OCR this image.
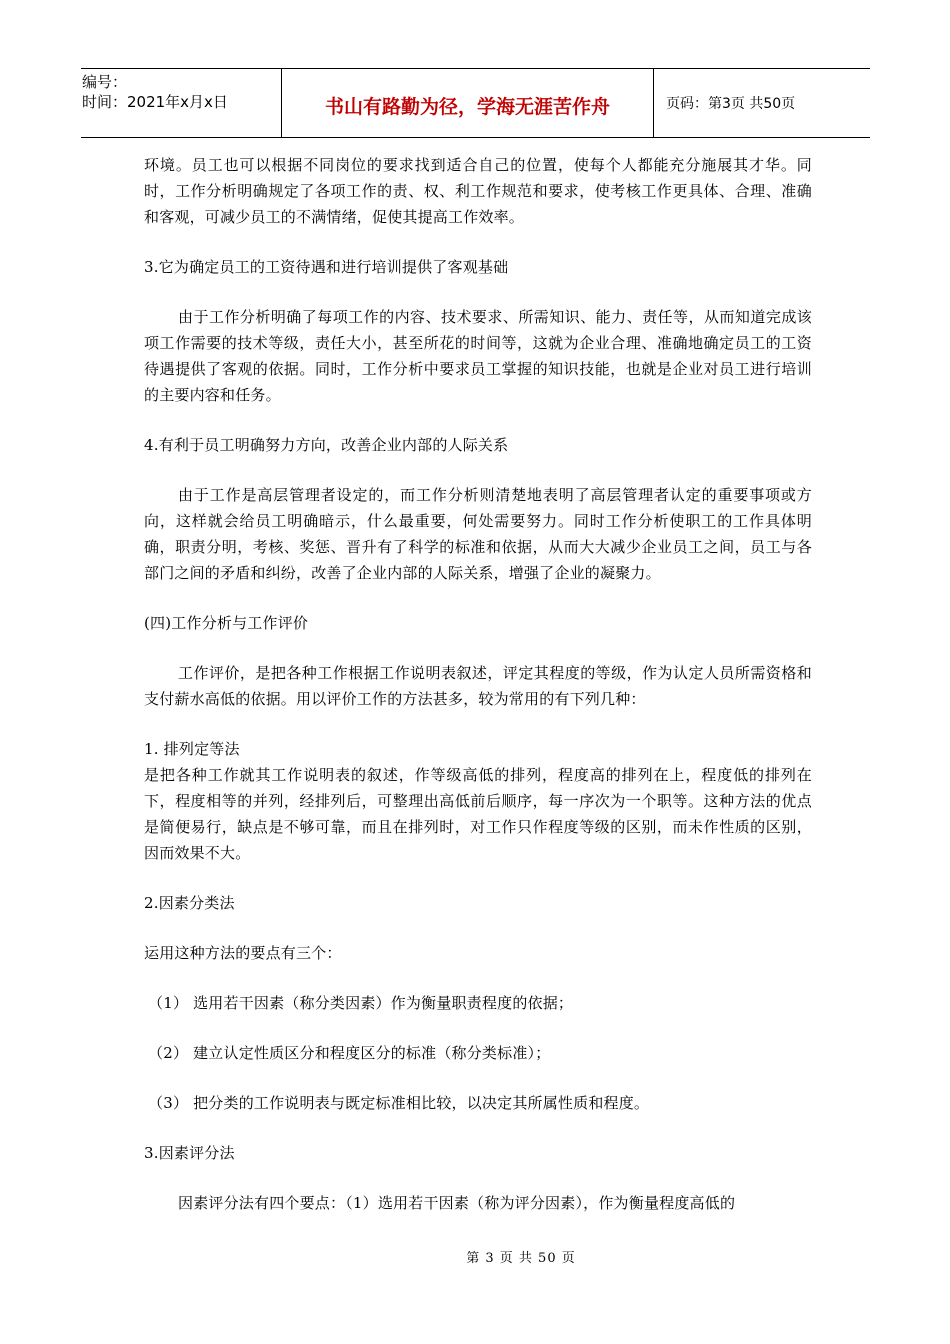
编号：
时间：2021年x月x日	书山有路勤为径，学海无涯苦作舟	页码：第3页 共50页

环境。员工也可以根据不同岗位的要求找到适合自己的位置，使每个人都能充分施展其才华。同时，工作分析明确规定了各项工作的责、权、利工作规范和要求，使考核工作更具体、合理、准确和客观，可减少员工的不满情绪，促使其提高工作效率。

3.它为确定员工的工资待遇和进行培训提供了客观基础

由于工作分析明确了每项工作的内容、技术要求、所需知识、能力、责任等，从而知道完成该项工作需要的技术等级，责任大小，甚至所花的时间等，这就为企业合理、准确地确定员工的工资待遇提供了客观的依据。同时，工作分析中要求员工掌握的知识技能，也就是企业对员工进行培训的主要内容和任务。

4.有利于员工明确努力方向，改善企业内部的人际关系

由于工作是高层管理者设定的，而工作分析则清楚地表明了高层管理者认定的重要事项或方向，这样就会给员工明确暗示，什么最重要，何处需要努力。同时工作分析使职工的工作具体明确，职责分明，考核、奖惩、晋升有了科学的标准和依据，从而大大减少企业员工之间，员工与各部门之间的矛盾和纠纷，改善了企业内部的人际关系，增强了企业的凝聚力。

(四)工作分析与工作评价

工作评价，是把各种工作根据工作说明表叙述，评定其程度的等级，作为认定人员所需资格和支付薪水高低的依据。用以评价工作的方法甚多，较为常用的有下列几种：

1. 排列定等法

是把各种工作就其工作说明表的叙述，作等级高低的排列，程度高的排列在上，程度低的排列在下，程度相等的并列，经排列后，可整理出高低前后顺序，每一序次为一个职等。这种方法的优点是简便易行，缺点是不够可靠，而且在排列时，对工作只作程度等级的区别，而未作性质的区别，因而效果不大。

2.因素分类法

运用这种方法的要点有三个：

（1） 选用若干因素（称分类因素）作为衡量职责程度的依据；

（2） 建立认定性质区分和程度区分的标准（称分类标准）；

（3） 把分类的工作说明表与既定标准相比较，以决定其所属性质和程度。

3.因素评分法

因素评分法有四个要点：（1）选用若干因素（称为评分因素），作为衡量程度高低的

第 3 页 共 50 页
